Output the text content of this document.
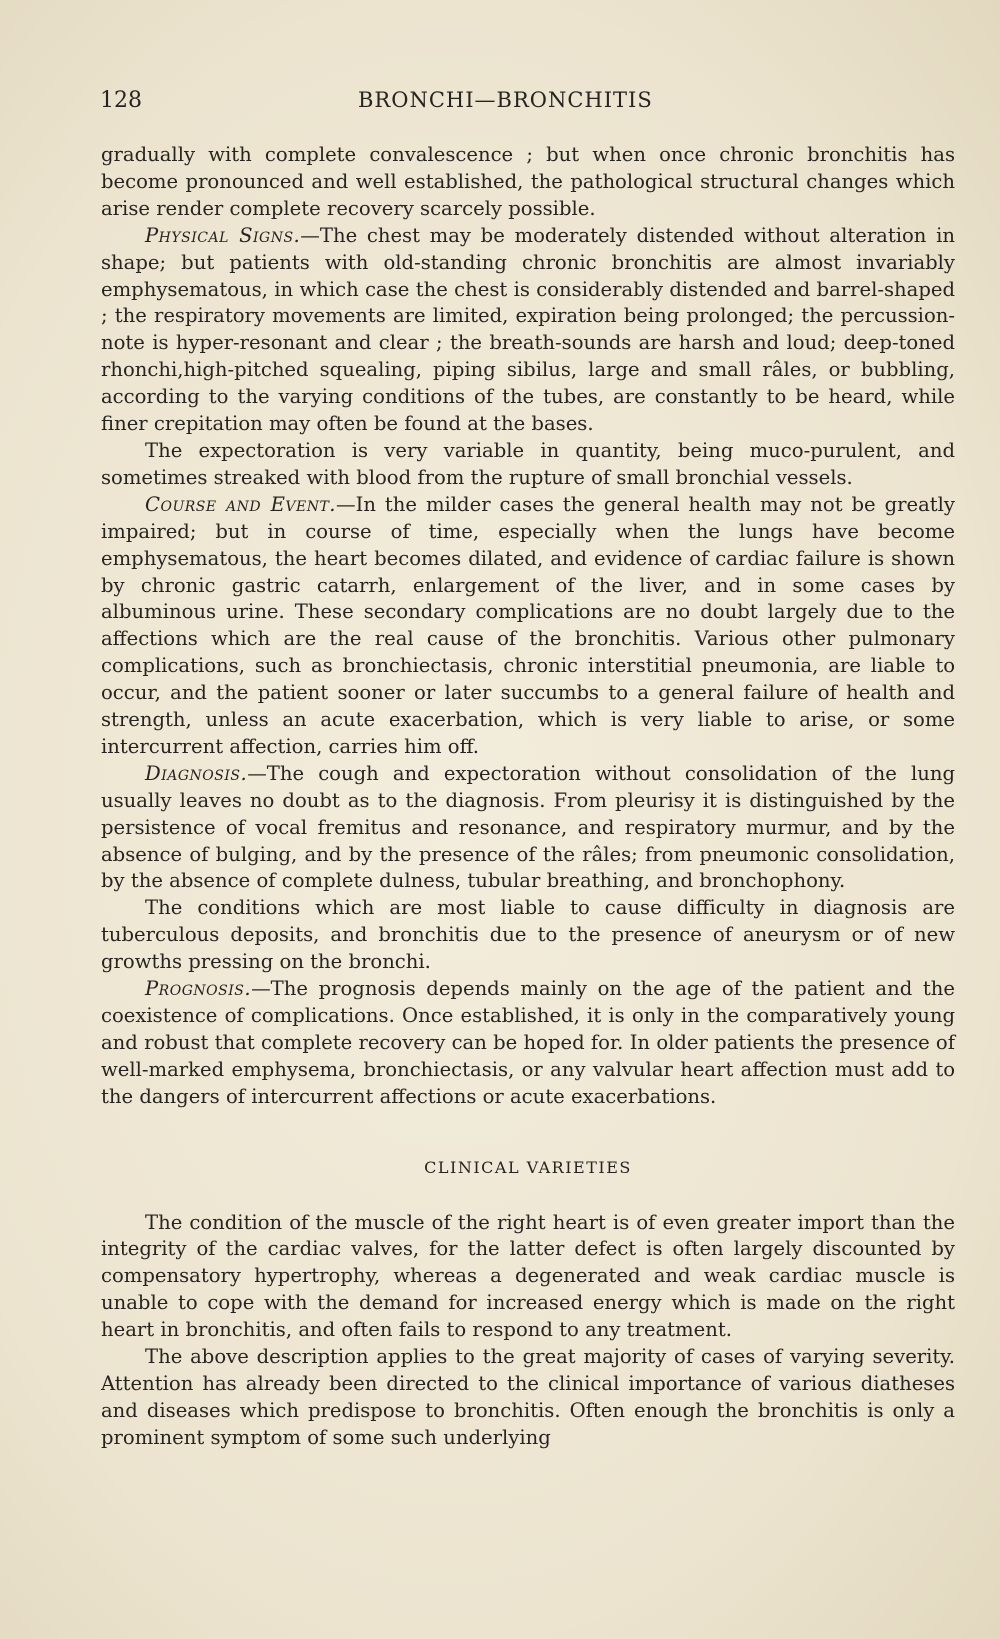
128	BRONCHI—BRONCHITIS

gradually with complete convalescence ; but when once chronic bronchitis has become pronounced and well established, the pathological structural changes which arise render complete recovery scarcely possible.

Physical Signs.—The chest may be moderately distended without alteration in shape; but patients with old-standing chronic bronchitis are almost invariably emphysematous, in which case the chest is considerably distended and barrel-shaped ; the respiratory movements are limited, expiration being prolonged; the percussion-note is hyper-resonant and clear ; the breath-sounds are harsh and loud; deep-toned rhonchi,high-pitched squealing, piping sibilus, large and small râles, or bubbling, according to the varying conditions of the tubes, are constantly to be heard, while finer crepitation may often be found at the bases.

The expectoration is very variable in quantity, being muco-purulent, and sometimes streaked with blood from the rupture of small bronchial vessels.

Course and Event.—In the milder cases the general health may not be greatly impaired; but in course of time, especially when the lungs have become emphysematous, the heart becomes dilated, and evidence of cardiac failure is shown by chronic gastric catarrh, enlargement of the liver, and in some cases by albuminous urine. These secondary complications are no doubt largely due to the affections which are the real cause of the bronchitis. Various other pulmonary complications, such as bronchiectasis, chronic interstitial pneumonia, are liable to occur, and the patient sooner or later succumbs to a general failure of health and strength, unless an acute exacerbation, which is very liable to arise, or some intercurrent affection, carries him off.

Diagnosis.—The cough and expectoration without consolidation of the lung usually leaves no doubt as to the diagnosis. From pleurisy it is distinguished by the persistence of vocal fremitus and resonance, and respiratory murmur, and by the absence of bulging, and by the presence of the râles; from pneumonic consolidation, by the absence of complete dulness, tubular breathing, and bronchophony.

The conditions which are most liable to cause difficulty in diagnosis are tuberculous deposits, and bronchitis due to the presence of aneurysm or of new growths pressing on the bronchi.

Prognosis.—The prognosis depends mainly on the age of the patient and the coexistence of complications. Once established, it is only in the comparatively young and robust that complete recovery can be hoped for. In older patients the presence of well-marked emphysema, bronchiectasis, or any valvular heart affection must add to the dangers of intercurrent affections or acute exacerbations.

CLINICAL VARIETIES

The condition of the muscle of the right heart is of even greater import than the integrity of the cardiac valves, for the latter defect is often largely discounted by compensatory hypertrophy, whereas a degenerated and weak cardiac muscle is unable to cope with the demand for increased energy which is made on the right heart in bronchitis, and often fails to respond to any treatment.

The above description applies to the great majority of cases of varying severity. Attention has already been directed to the clinical importance of various diatheses and diseases which predispose to bronchitis. Often enough the bronchitis is only a prominent symptom of some such underlying
